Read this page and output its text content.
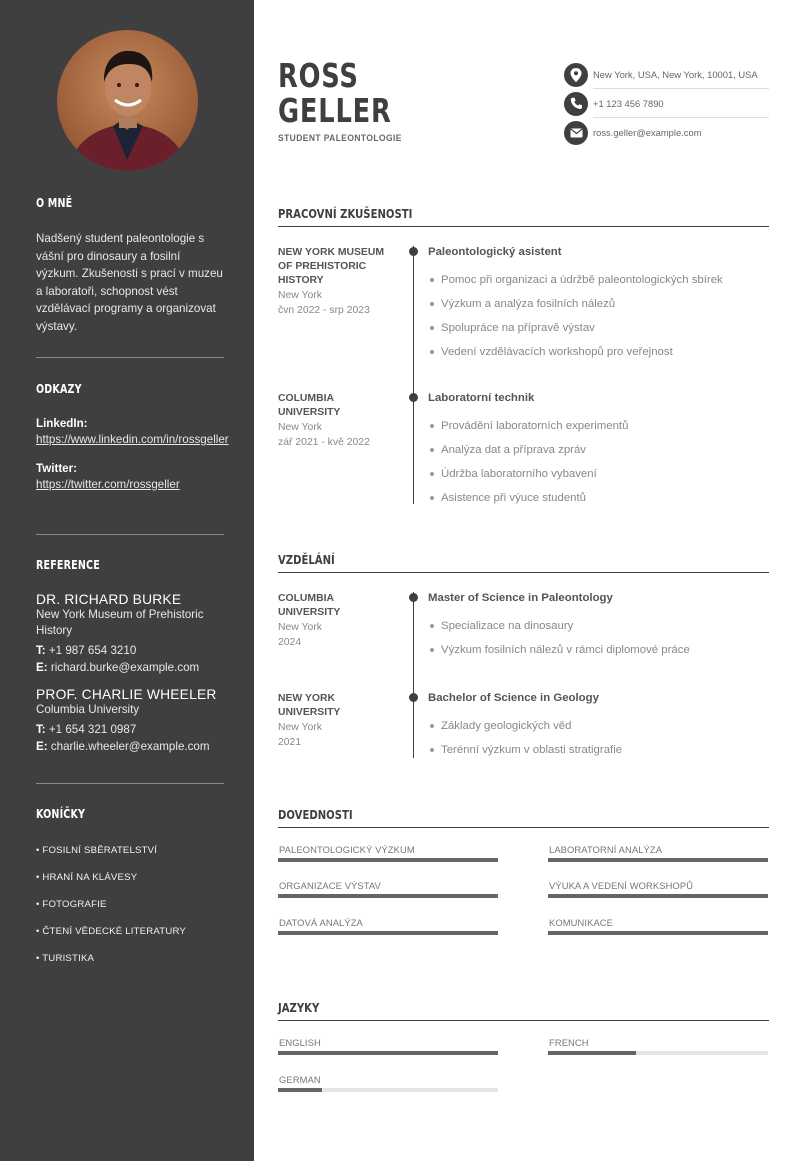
O MNĚ
Nadšený student paleontologie s vášní pro dinosaury a fosilní výzkum. Zkušenosti s prací v muzeu a laboratoři, schopnost vést vzdělávací programy a organizovat výstavy.
ODKAZY
LinkedIn:
https://www.linkedin.com/in/rossgeller
Twitter:
https://twitter.com/rossgeller
REFERENCE
DR. RICHARD BURKE
New York Museum of Prehistoric History
T: +1 987 654 3210
E: richard.burke@example.com
PROF. CHARLIE WHEELER
Columbia University
T: +1 654 321 0987
E: charlie.wheeler@example.com
KONÍČKY
• FOSILNÍ SBĚRATELSTVÍ
• HRANÍ NA KLÁVESY
• FOTOGRAFIE
• ČTENÍ VĚDECKÉ LITERATURY
• TURISTIKA
ROSS
GELLER
STUDENT PALEONTOLOGIE
New York, USA, New York, 10001, USA
+1 123 456 7890
ross.geller@example.com
PRACOVNÍ ZKUŠENOSTI
NEW YORK MUSEUM OF PREHISTORIC HISTORY
New York
čvn 2022 - srp 2023
Paleontologický asistent
Pomoc při organizaci a údržbě paleontologických sbírek
Výzkum a analýza fosilních nálezů
Spolupráce na přípravě výstav
Vedení vzdělávacích workshopů pro veřejnost
COLUMBIA UNIVERSITY
New York
zář 2021 - kvě 2022
Laboratorní technik
Provádění laboratorních experimentů
Analýza dat a příprava zpráv
Údržba laboratorního vybavení
Asistence při výuce studentů
VZDĚLÁNÍ
COLUMBIA UNIVERSITY
New York
2024
Master of Science in Paleontology
Specializace na dinosaury
Výzkum fosilních nálezů v rámci diplomové práce
NEW YORK UNIVERSITY
New York
2021
Bachelor of Science in Geology
Základy geologických věd
Terénní výzkum v oblasti stratigrafie
DOVEDNOSTI
PALEONTOLOGICKÝ VÝZKUM	LABORATORNÍ ANALÝZA
ORGANIZACE VÝSTAV	VÝUKA A VEDENÍ WORKSHOPŮ
DATOVÁ ANALÝZA	KOMUNIKACE
JAZYKY
ENGLISH	FRENCH
GERMAN
